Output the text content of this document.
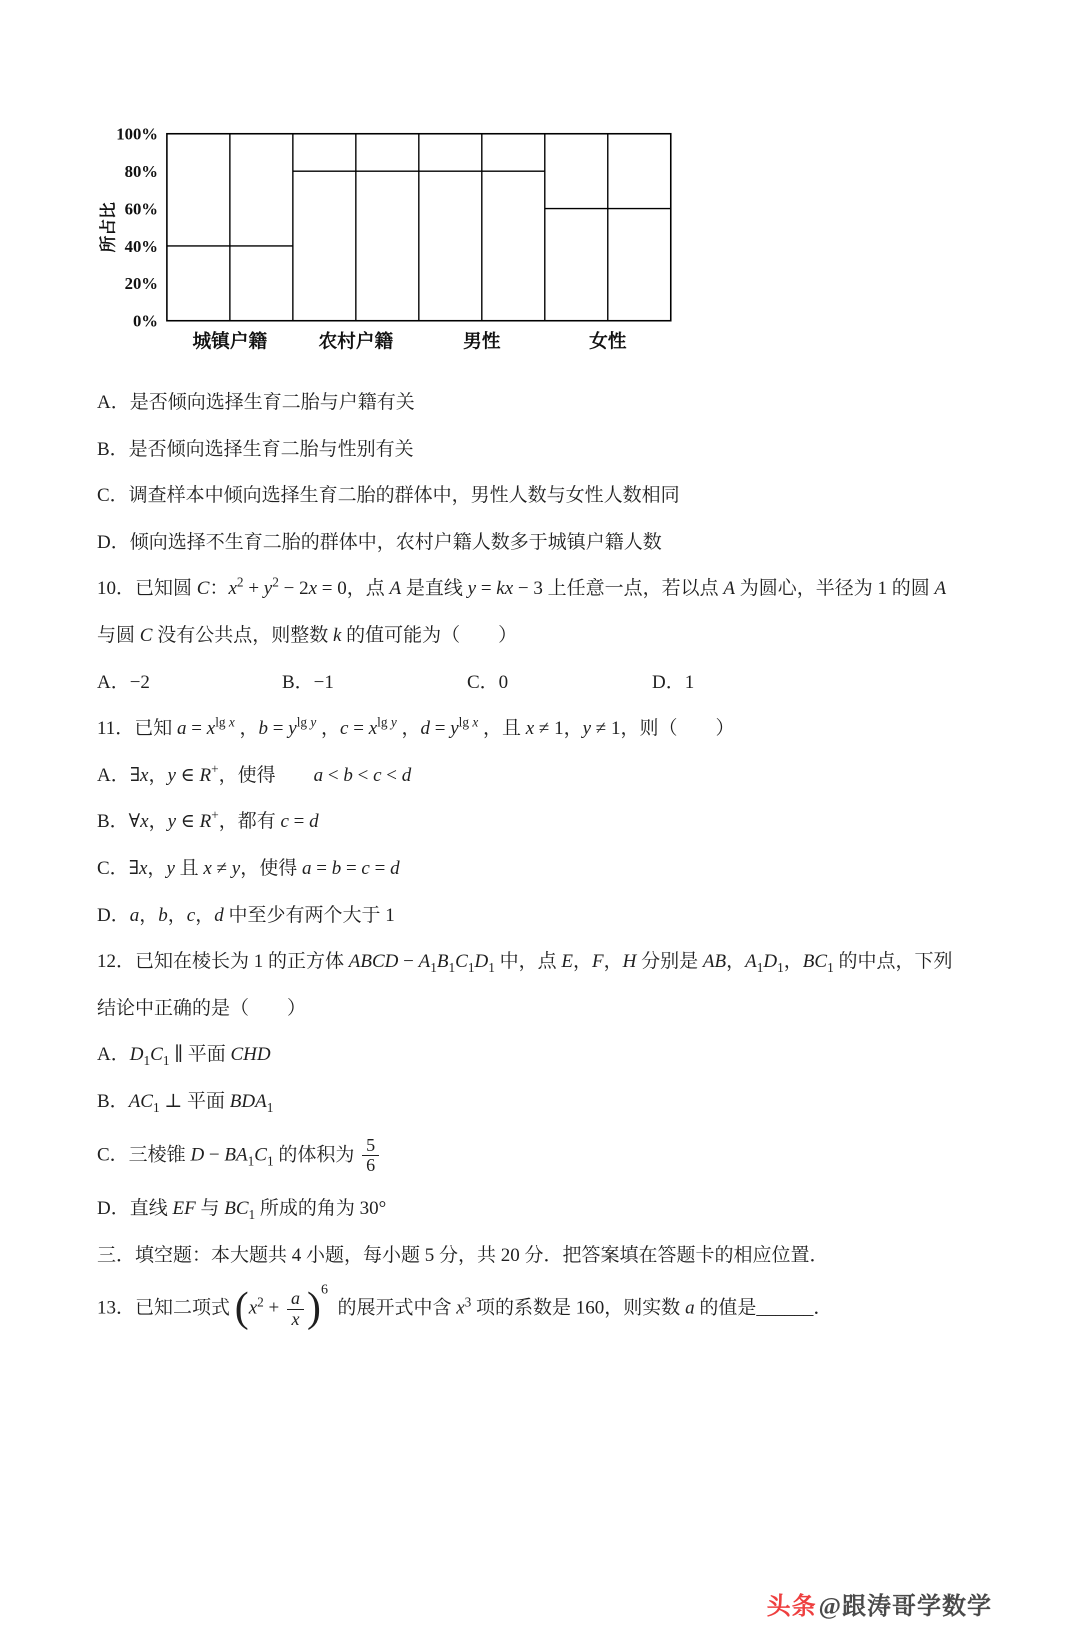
0%
20%
40%
60%
80%
100%
所占比
城镇户籍	农村户籍	男性	女性

A．是否倾向选择生育二胎与户籍有关

B．是否倾向选择生育二胎与性别有关

C．调查样本中倾向选择生育二胎的群体中，男性人数与女性人数相同

D．倾向选择不生育二胎的群体中，农村户籍人数多于城镇户籍人数

10．已知圆 C：$x^2 + y^2 - 2x = 0$，点 A 是直线 y = kx − 3 上任意一点，若以点 A 为圆心，半径为 1 的圆 A

与圆 C 没有公共点，则整数 k 的值可能为（  ）

A．−2	B．−1	C．0	D．1

11．已知 $a = x^{lg x}$ ，$b = y^{lg y}$ ，$c = x^{lg y}$ ，$d = y^{lg x}$ ，且 x ≠ 1，y ≠ 1，则（  ）

A．∃x，y ∈ R+，使得  a < b < c < d

B．∀x，y ∈ R+，都有 c = d

C．∃x，y 且 x ≠ y，使得 a = b = c = d

D．a，b，c，d 中至少有两个大于 1

12．已知在棱长为 1 的正方体 ABCD − $A_1B_1C_1D_1$ 中，点 E，F，H 分别是 AB，$A_1D_1$，$BC_1$ 的中点，下列

结论中正确的是（  ）

A．$D_1C_1$ ∥ 平面 CHD

B．$AC_1$ ⊥ 平面 $BDA_1$

C．三棱锥 $D - BA_1C_1$ 的体积为 $\frac{5}{6}$

D．直线 EF 与 $BC_1$ 所成的角为 30°

三．填空题：本大题共 4 小题，每小题 5 分，共 20 分．把答案填在答题卡的相应位置．

13．已知二项式 $(x^2 + \frac{a}{x} )^6$  的展开式中含 $x^3$ 项的系数是 160，则实数 a 的值是______．

头条@跟涛哥学数学
